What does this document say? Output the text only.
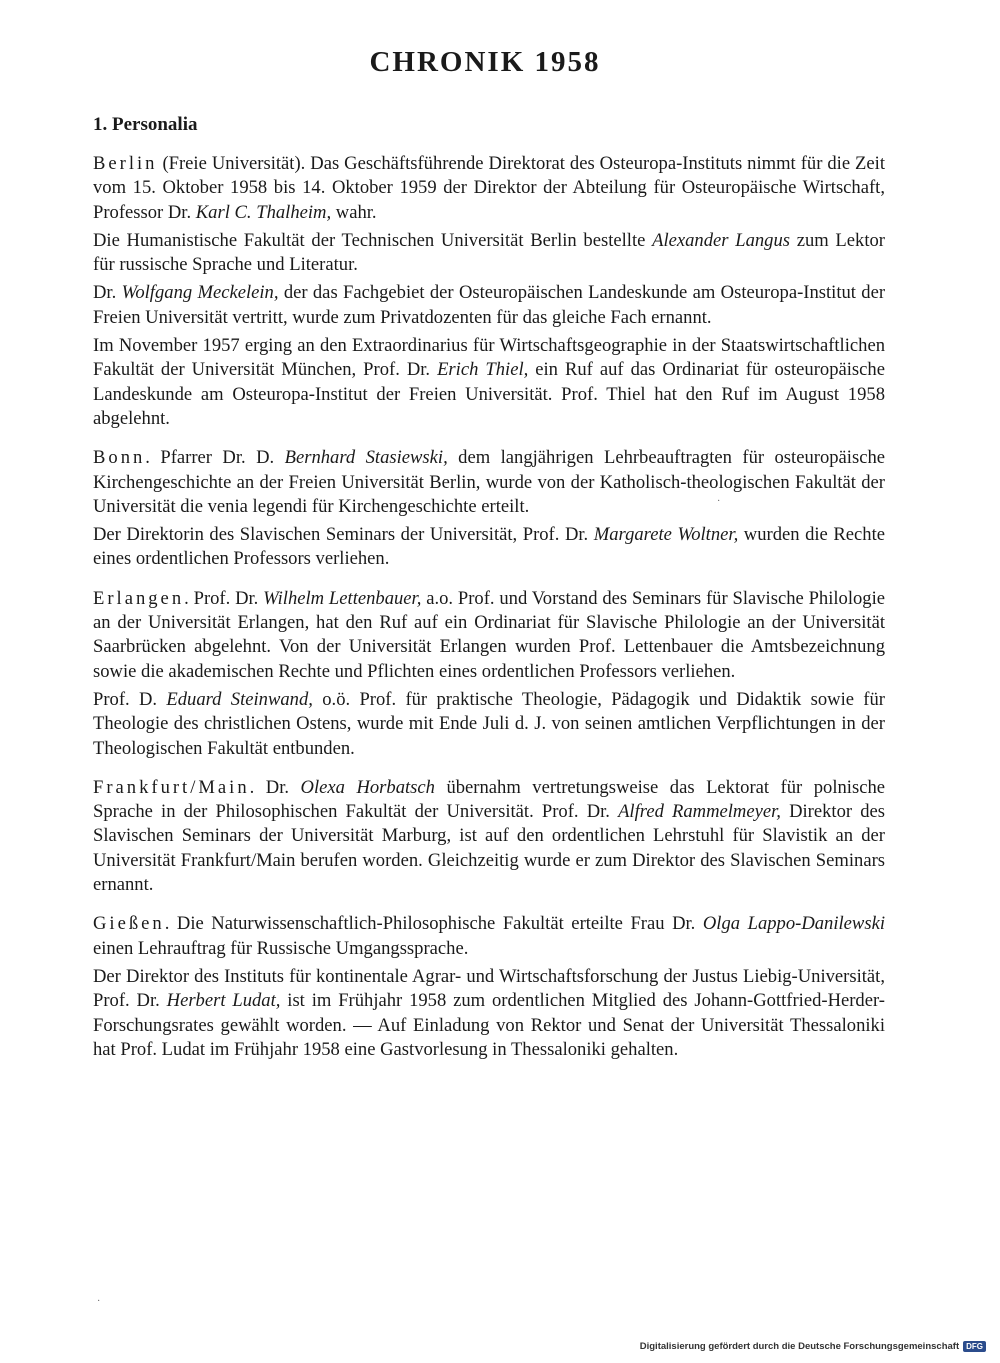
CHRONIK 1958
1. Personalia

Berlin (Freie Universität). Das Geschäftsführende Direktorat des Osteuropa-Instituts nimmt für die Zeit vom 15. Oktober 1958 bis 14. Oktober 1959 der Direktor der Abteilung für Osteuropäische Wirtschaft, Professor Dr. Karl C. Thalheim, wahr.

Die Humanistische Fakultät der Technischen Universität Berlin bestellte Alexander Langus zum Lektor für russische Sprache und Literatur.

Dr. Wolfgang Meckelein, der das Fachgebiet der Osteuropäischen Landeskunde am Osteuropa-Institut der Freien Universität vertritt, wurde zum Privatdozenten für das gleiche Fach ernannt.

Im November 1957 erging an den Extraordinarius für Wirtschaftsgeographie in der Staatswirtschaftlichen Fakultät der Universität München, Prof. Dr. Erich Thiel, ein Ruf auf das Ordinariat für osteuropäische Landeskunde am Osteuropa-Institut der Freien Universität. Prof. Thiel hat den Ruf im August 1958 abgelehnt.

Bonn. Pfarrer Dr. D. Bernhard Stasiewski, dem langjährigen Lehrbeauftragten für osteuropäische Kirchengeschichte an der Freien Universität Berlin, wurde von der Katholisch-theologischen Fakultät der Universität die venia legendi für Kirchengeschichte erteilt.

Der Direktorin des Slavischen Seminars der Universität, Prof. Dr. Margarete Woltner, wurden die Rechte eines ordentlichen Professors verliehen.

Erlangen. Prof. Dr. Wilhelm Lettenbauer, a.o. Prof. und Vorstand des Seminars für Slavische Philologie an der Universität Erlangen, hat den Ruf auf ein Ordinariat für Slavische Philologie an der Universität Saarbrücken abgelehnt. Von der Universität Erlangen wurden Prof. Lettenbauer die Amtsbezeichnung sowie die akademischen Rechte und Pflichten eines ordentlichen Professors verliehen.

Prof. D. Eduard Steinwand, o.ö. Prof. für praktische Theologie, Pädagogik und Didaktik sowie für Theologie des christlichen Ostens, wurde mit Ende Juli d. J. von seinen amtlichen Verpflichtungen in der Theologischen Fakultät entbunden.

Frankfurt/Main. Dr. Olexa Horbatsch übernahm vertretungsweise das Lektorat für polnische Sprache in der Philosophischen Fakultät der Universität. Prof. Dr. Alfred Rammelmeyer, Direktor des Slavischen Seminars der Universität Marburg, ist auf den ordentlichen Lehrstuhl für Slavistik an der Universität Frankfurt/Main berufen worden. Gleichzeitig wurde er zum Direktor des Slavischen Seminars ernannt.

Gießen. Die Naturwissenschaftlich-Philosophische Fakultät erteilte Frau Dr. Olga Lappo-Danilewski einen Lehrauftrag für Russische Umgangssprache.

Der Direktor des Instituts für kontinentale Agrar- und Wirtschaftsforschung der Justus Liebig-Universität, Prof. Dr. Herbert Ludat, ist im Frühjahr 1958 zum ordentlichen Mitglied des Johann-Gottfried-Herder-Forschungsrates gewählt worden. — Auf Einladung von Rektor und Senat der Universität Thessaloniki hat Prof. Ludat im Frühjahr 1958 eine Gastvorlesung in Thessaloniki gehalten.

Digitalisierung gefördert durch die Deutsche Forschungsgemeinschaft DFG
·
·
